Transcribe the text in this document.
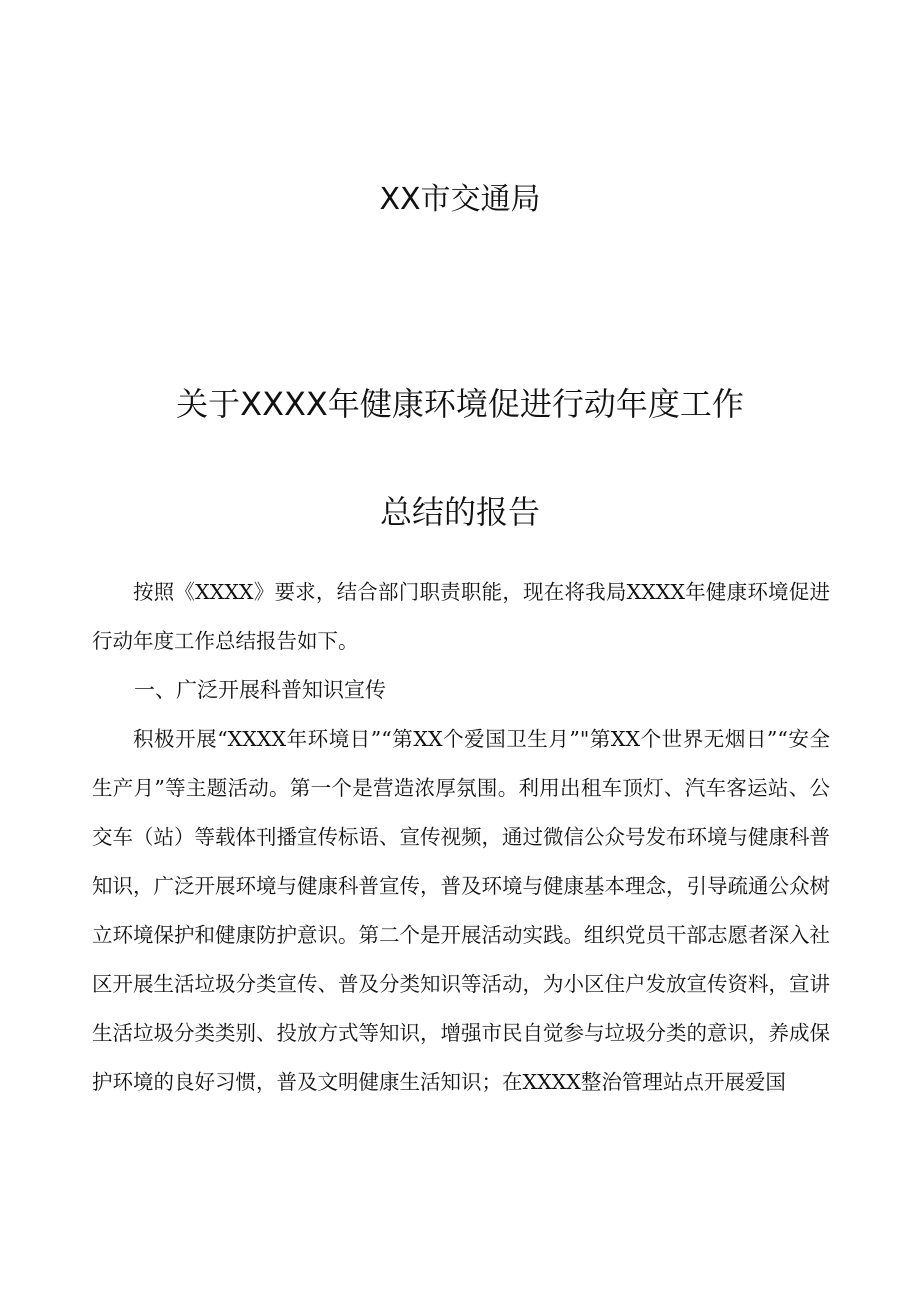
XX市交通局
关于XXXX年健康环境促进行动年度工作
总结的报告

按照《XXXX》要求，结合部门职责职能，现在将我局XXXX年健康环境促进行动年度工作总结报告如下。

一、广泛开展科普知识宣传

积极开展“XXXX年环境日”“第XX个爱国卫生月”"第XX个世界无烟日”“安全生产月”等主题活动。第一个是营造浓厚氛围。利用出租车顶灯、汽车客运站、公交车（站）等载体刊播宣传标语、宣传视频，通过微信公众号发布环境与健康科普知识，广泛开展环境与健康科普宣传，普及环境与健康基本理念，引导疏通公众树立环境保护和健康防护意识。第二个是开展活动实践。组织党员干部志愿者深入社区开展生活垃圾分类宣传、普及分类知识等活动，为小区住户发放宣传资料，宣讲生活垃圾分类类别、投放方式等知识，增强市民自觉参与垃圾分类的意识，养成保护环境的良好习惯，普及文明健康生活知识；在XXXX整治管理站点开展爱国
